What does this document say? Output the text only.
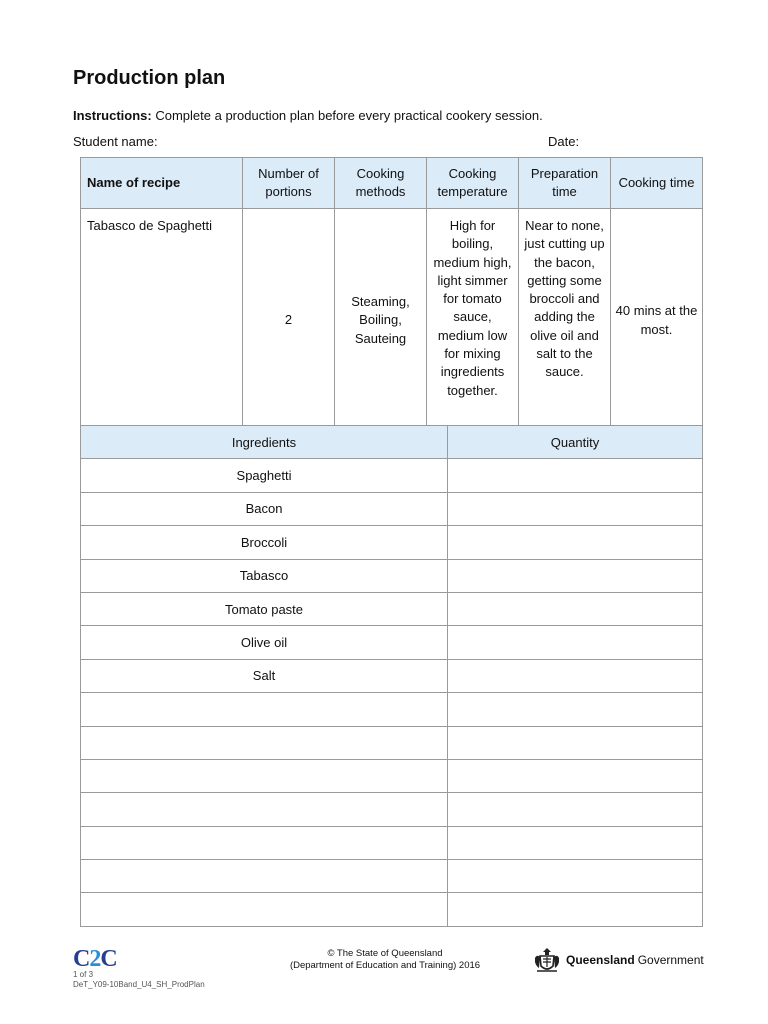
Production plan
Instructions: Complete a production plan before every practical cookery session.
Student name:	Date:
Name of recipe	Number of portions	Cooking methods	Cooking temperature	Preparation time	Cooking time
Tabasco de Spaghetti	2	Steaming, Boiling, Sauteing	High for boiling, medium high, light simmer for tomato sauce, medium low for mixing ingredients together.	Near to none, just cutting up the bacon, getting some broccoli and adding the olive oil and salt to the sauce.	40 mins at the most.
Ingredients	Quantity
Spaghetti	
Bacon	
Broccoli	
Tabasco	
Tomato paste	
Olive oil	
Salt	

C2C
1 of 3
DeT_Y09-10Band_U4_SH_ProdPlan
© The State of Queensland
(Department of Education and Training) 2016	Queensland Government
